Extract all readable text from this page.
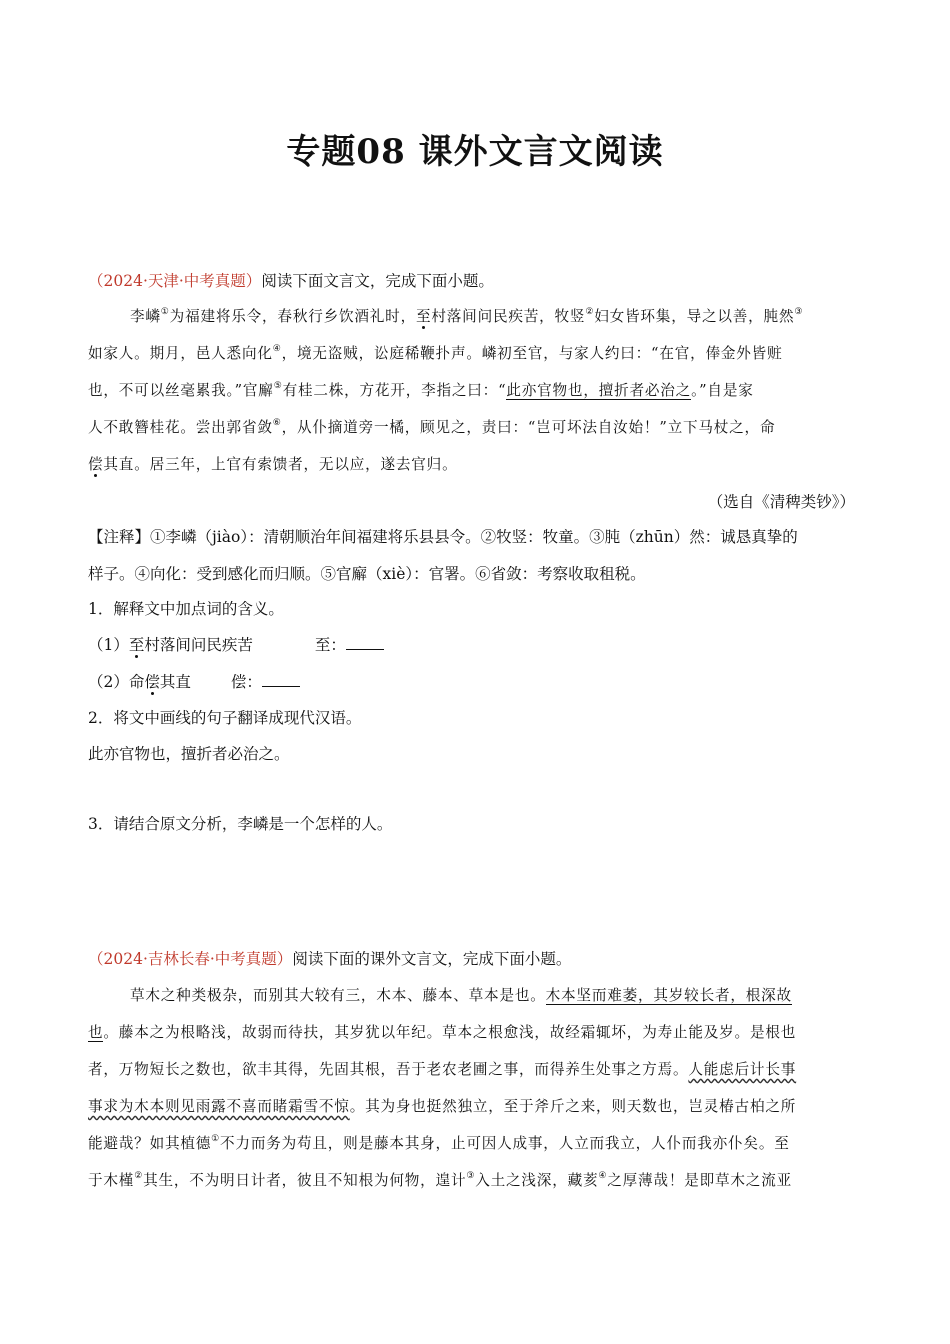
专题08 课外文言文阅读

（2024·天津·中考真题）阅读下面文言文，完成下面小题。

李嶙①为福建将乐令，春秋行乡饮酒礼时，至村落间问民疾苦，牧竖②妇女皆环集，导之以善，肫然③

如家人。期月，邑人悉向化④，境无盗贼，讼庭稀鞭扑声。嶙初至官，与家人约曰：“在官，俸金外皆赃

也，不可以丝毫累我。”官廨⑤有桂二株，方花开，李指之曰：“此亦官物也，擅折者必治之。”自是家

人不敢簪桂花。尝出郭省敛⑥，从仆摘道旁一橘，顾见之，责曰：“岂可坏法自汝始！”立下马杖之，命

偿其直。居三年，上官有索馈者，无以应，遂去官归。

（选自《清稗类钞》）

【注释】①李嶙（jiào）：清朝顺治年间福建将乐县县令。②牧竖：牧童。③肫（zhūn）然：诚恳真挚的

样子。④向化：受到感化而归顺。⑤官廨（xiè）：官署。⑥省敛：考察收取租税。

1．解释文中加点词的含义。

（1）至村落间问民疾苦	至：

（2）命偿其直	偿：

2．将文中画线的句子翻译成现代汉语。

此亦官物也，擅折者必治之。

3．请结合原文分析，李嶙是一个怎样的人。

（2024·吉林长春·中考真题）阅读下面的课外文言文，完成下面小题。

草木之种类极杂，而别其大较有三，木本、藤本、草本是也。木本坚而难萎，其岁较长者，根深故

也。藤本之为根略浅，故弱而待扶，其岁犹以年纪。草本之根愈浅，故经霜辄坏，为寿止能及岁。是根也

者，万物短长之数也，欲丰其得，先固其根，吾于老农老圃之事，而得养生处事之方焉。人能虑后计长事

事求为木本则见雨露不喜而睹霜雪不惊。其为身也挺然独立，至于斧斤之来，则天数也，岂灵椿古柏之所

能避哉？如其植德①不力而务为苟且，则是藤本其身，止可因人成事，人立而我立，人仆而我亦仆矣。至

于木槿②其生，不为明日计者，彼且不知根为何物，遑计③入土之浅深，藏荄④之厚薄哉！是即草木之流亚
